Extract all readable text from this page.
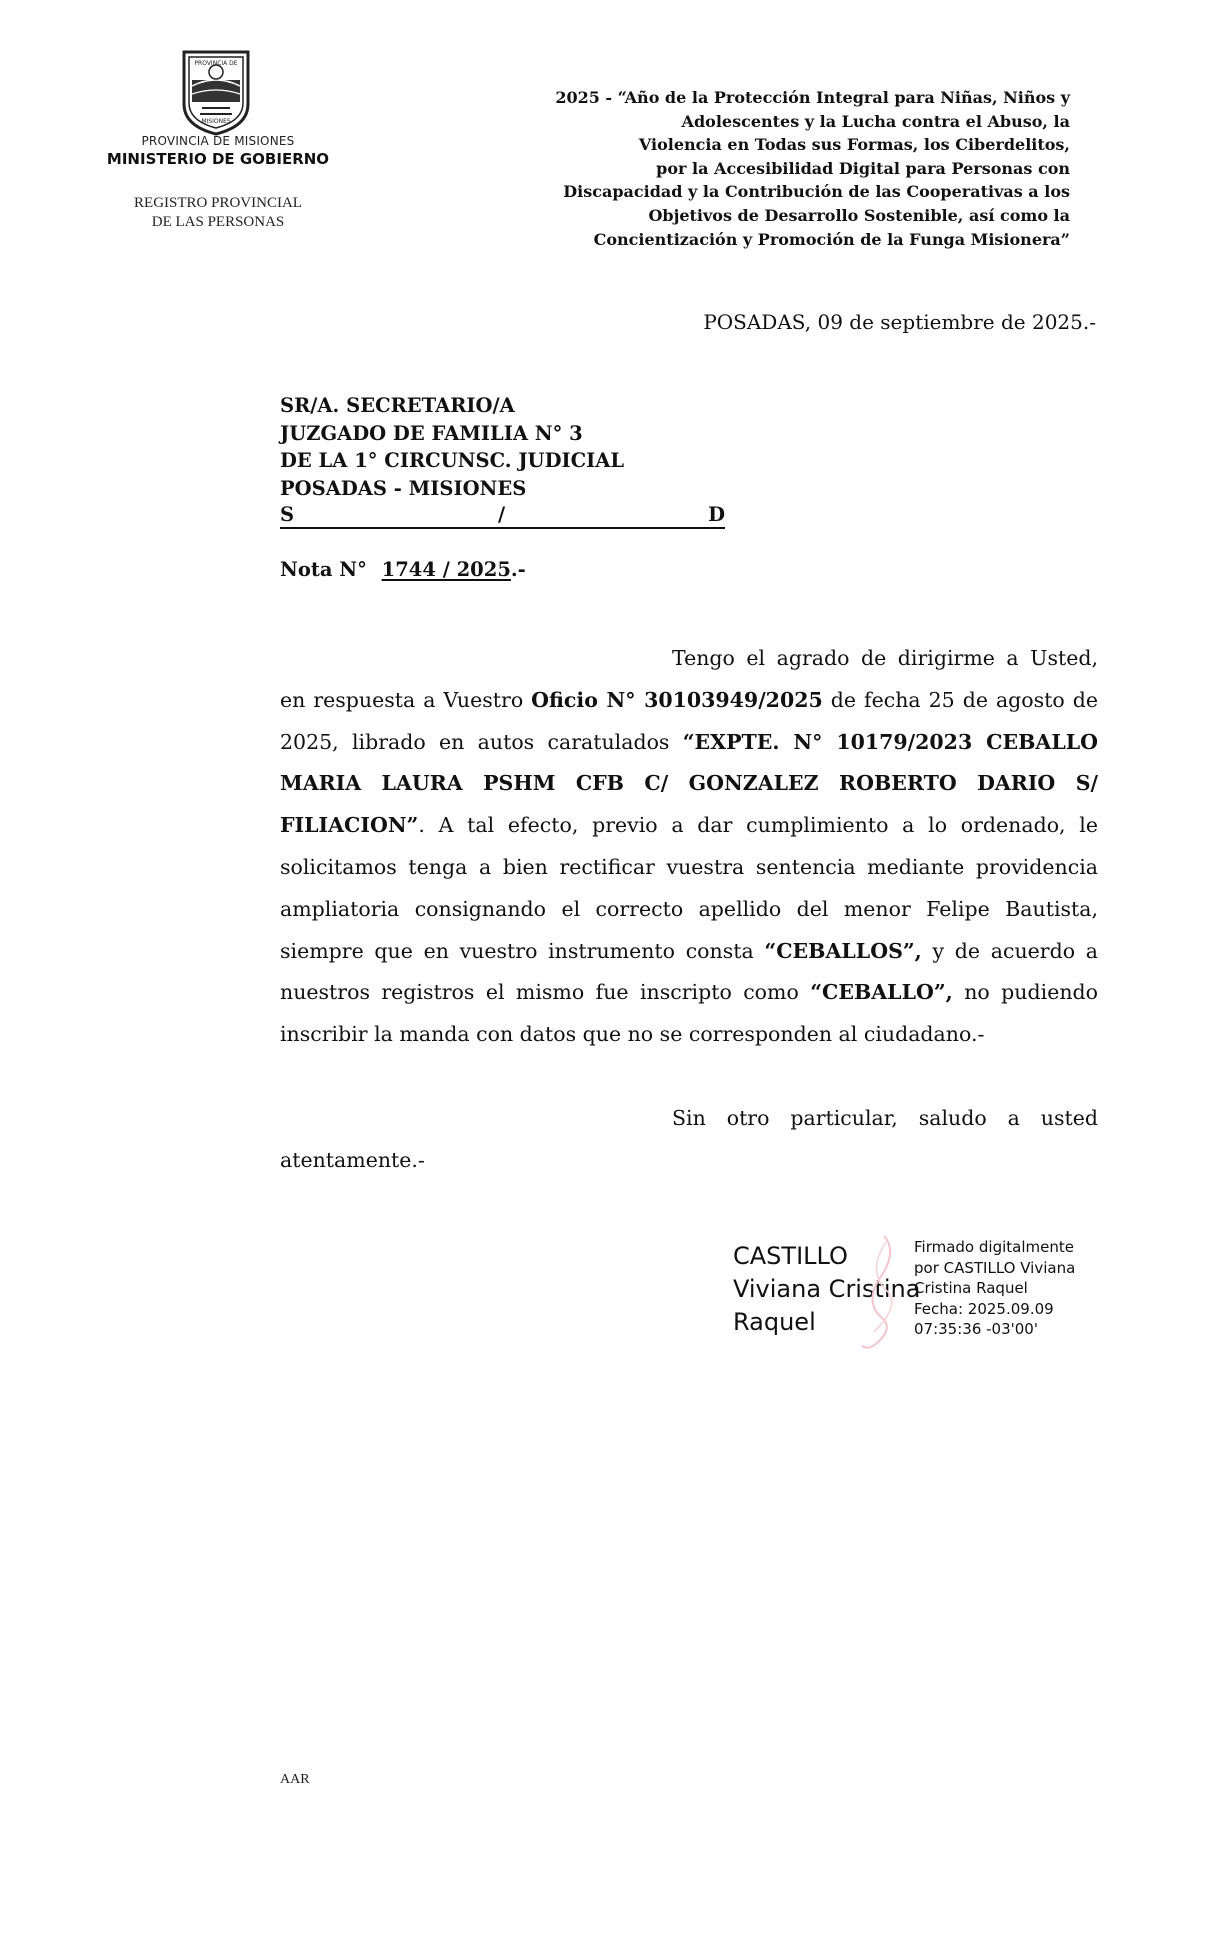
PROVINCIA DE
MISIONES
PROVINCIA DE MISIONES
MINISTERIO DE GOBIERNO
REGISTRO PROVINCIAL
DE LAS PERSONAS
2025 - “Año de la Protección Integral para Niñas, Niños y
Adolescentes y la Lucha contra el Abuso, la
Violencia en Todas sus Formas, los Ciberdelitos,
por la Accesibilidad Digital para Personas con
Discapacidad y la Contribución de las Cooperativas a los
Objetivos de Desarrollo Sostenible, así como la
Concientización y Promoción de la Funga Misionera”
POSADAS, 09 de septiembre de 2025.-
SR/A. SECRETARIO/A
JUZGADO DE FAMILIA N° 3
DE LA 1° CIRCUNSC. JUDICIAL
POSADAS - MISIONES
S	/	D
Nota N° 1744 / 2025.-

Tengo el agrado de dirigirme a Usted, en respuesta a Vuestro Oficio N° 30103949/2025 de fecha 25 de agosto de 2025, librado en autos caratulados “EXPTE. N° 10179/2023 CEBALLO MARIA LAURA PSHM CFB C/ GONZALEZ ROBERTO DARIO S/ FILIACION”. A tal efecto, previo a dar cumplimiento a lo ordenado, le solicitamos tenga a bien rectificar vuestra sentencia mediante providencia ampliatoria consignando el correcto apellido del menor Felipe Bautista, siempre que en vuestro instrumento consta “CEBALLOS”, y de acuerdo a nuestros registros el mismo fue inscripto como “CEBALLO”, no pudiendo inscribir la manda con datos que no se corresponden al ciudadano.-

Sin otro particular, saludo a usted atentamente.-
CASTILLO
Viviana Cristina
Raquel
Firmado digitalmente
por CASTILLO Viviana
Cristina Raquel
Fecha: 2025.09.09
07:35:36 -03'00'
AAR
